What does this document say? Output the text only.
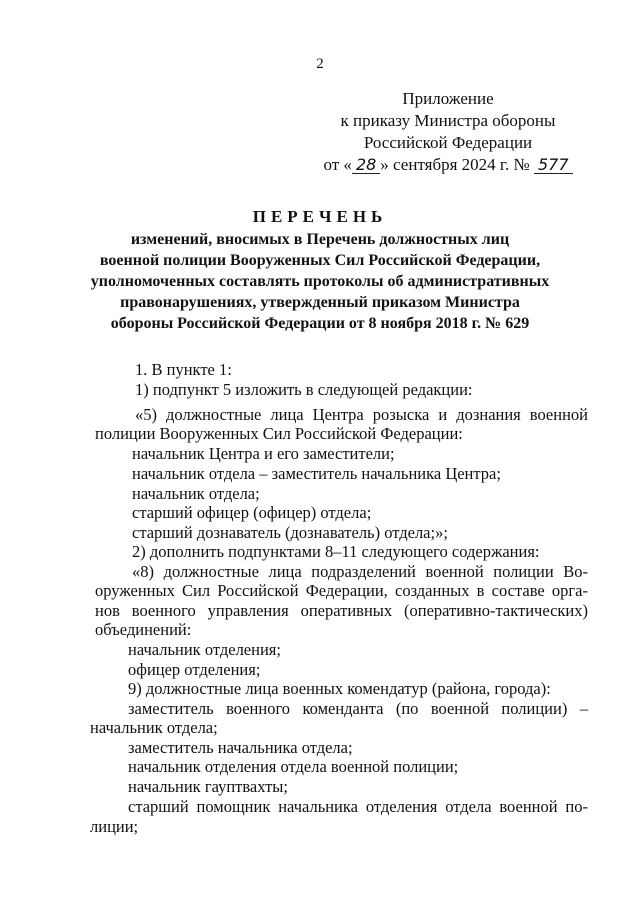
2
Приложение
к приказу Министра обороны
Российской Федерации
от « 28 » сентября 2024 г. № 577
ПЕРЕЧЕНЬ
изменений, вносимых в Перечень должностных лиц
военной полиции Вооруженных Сил Российской Федерации,
уполномоченных составлять протоколы об административных
правонарушениях, утвержденный приказом Министра
обороны Российской Федерации от 8 ноября 2018 г. № 629
1. В пункте 1:
1) подпункт 5 изложить в следующей редакции:
«5) должностные лица Центра розыска и дознания военной
полиции Вооруженных Сил Российской Федерации:
начальник Центра и его заместители;
начальник отдела – заместитель начальника Центра;
начальник отдела;
старший офицер (офицер) отдела;
старший дознаватель (дознаватель) отдела;»;
2) дополнить подпунктами 8–11 следующего содержания:
«8) должностные лица подразделений военной полиции Во-
оруженных Сил Российской Федерации, созданных в составе орга-
нов военного управления оперативных (оперативно-тактических)
объединений:
начальник отделения;
офицер отделения;
9) должностные лица военных комендатур (района, города):
заместитель военного коменданта (по военной полиции) –
начальник отдела;
заместитель начальника отдела;
начальник отделения отдела военной полиции;
начальник гауптвахты;
старший помощник начальника отделения отдела военной по-
лиции;
